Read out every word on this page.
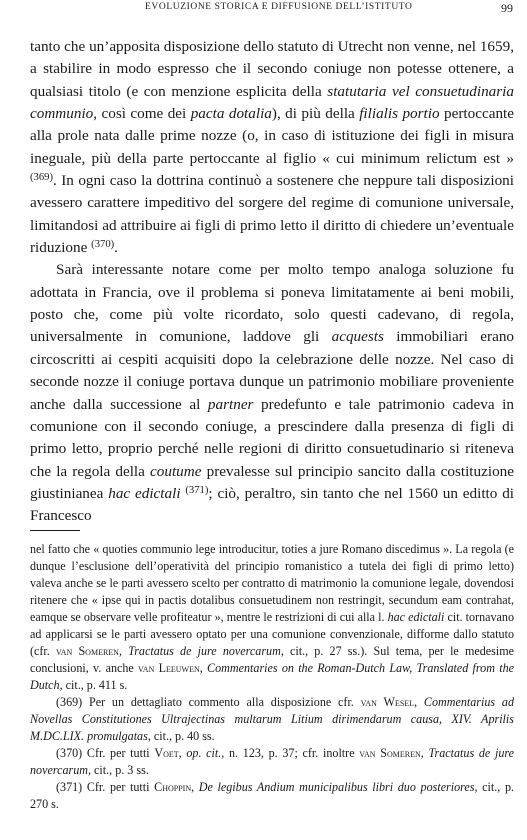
EVOLUZIONE STORICA E DIFFUSIONE DELL’ISTITUTO	99

tanto che un’apposita disposizione dello statuto di Utrecht non venne, nel 1659, a stabilire in modo espresso che il secondo coniuge non potesse ottenere, a qualsiasi titolo (e con menzione esplicita della statutaria vel consuetudinaria communio, così come dei pacta dotalia), di più della filialis portio pertoccante alla prole nata dalle prime nozze (o, in caso di istituzione dei figli in misura ineguale, più della parte pertoccante al figlio « cui minimum relictum est » $^{(369)}$. In ogni caso la dottrina continuò a sostenere che neppure tali disposizioni avessero carattere impeditivo del sorgere del regime di comunione universale, limitandosi ad attribuire ai figli di primo letto il diritto di chiedere un’eventuale riduzione $^{(370)}$.

Sarà interessante notare come per molto tempo analoga soluzione fu adottata in Francia, ove il problema si poneva limitatamente ai beni mobili, posto che, come più volte ricordato, solo questi cadevano, di regola, universalmente in comunione, laddove gli acquests immobiliari erano circoscritti ai cespiti acquisiti dopo la celebrazione delle nozze. Nel caso di seconde nozze il coniuge portava dunque un patrimonio mobiliare proveniente anche dalla successione al partner predefunto e tale patrimonio cadeva in comunione con il secondo coniuge, a prescindere dalla presenza di figli di primo letto, proprio perché nelle regioni di diritto consuetudinario si riteneva che la regola della coutume prevalesse sul principio sancito dalla costituzione giustinianea hac edictali $^{(371)}$; ciò, peraltro, sin tanto che nel 1560 un editto di Francesco

nel fatto che « quoties communio lege introducitur, toties a jure Romano discedimus ». La regola (e dunque l’esclusione dell’operatività del principio romanistico a tutela dei figli di primo letto) valeva anche se le parti avessero scelto per contratto di matrimonio la comunione legale, dovendosi ritenere che « ipse qui in pactis dotalibus consuetudinem non restringit, secundum eam contrahat, eamque se observare velle profiteatur », mentre le restrizioni di cui alla l. hac edictali cit. tornavano ad applicarsi se le parti avessero optato per una comunione convenzionale, difforme dallo statuto (cfr. van Someren, Tractatus de jure novercarum, cit., p. 27 ss.). Sul tema, per le medesime conclusioni, v. anche van Leeuwen, Commentaries on the Roman-Dutch Law, Translated from the Dutch, cit., p. 411 s.

(369) Per un dettagliato commento alla disposizione cfr. van Wesel, Commentarius ad Novellas Constitutiones Ultrajectinas multarum Litium dirimendarum causa, XIV. Aprilis M.DC.LIX. promulgatas, cit., p. 40 ss.

(370) Cfr. per tutti Voet, op. cit., n. 123, p. 37; cfr. inoltre van Someren, Tractatus de jure novercarum, cit., p. 3 ss.

(371) Cfr. per tutti Choppin, De legibus Andium municipalibus libri duo posteriores, cit., p. 270 s.
